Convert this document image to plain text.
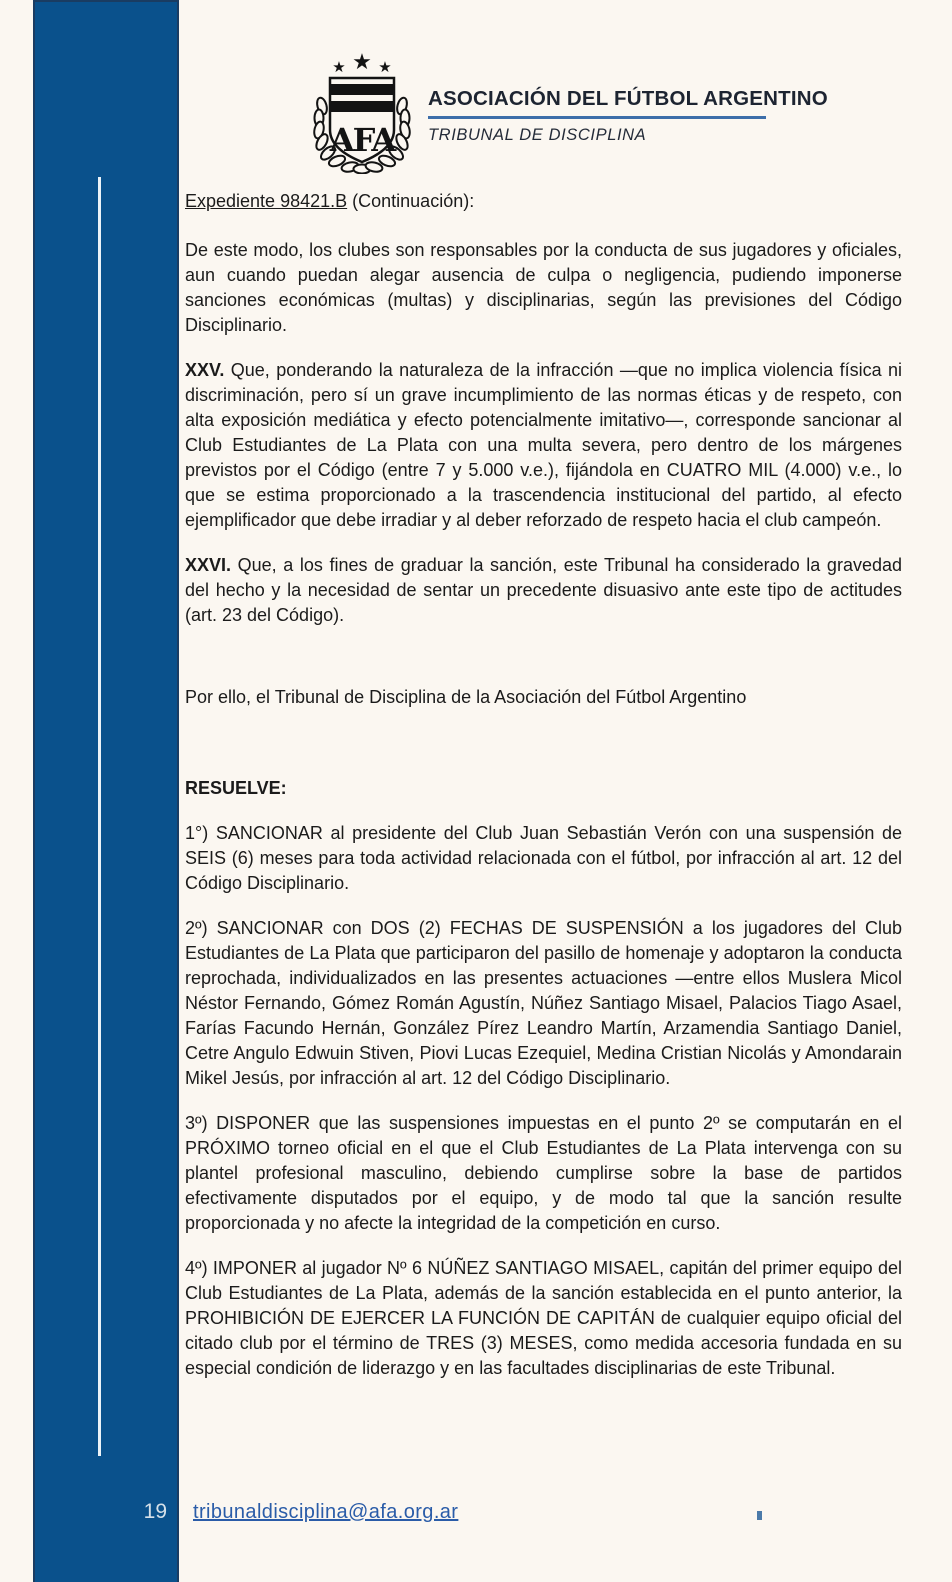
★ ★ ★
AFA
ASOCIACIÓN DEL FÚTBOL ARGENTINO
TRIBUNAL DE DISCIPLINA

Expediente 98421.B (Continuación):

De este modo, los clubes son responsables por la conducta de sus jugadores y oficiales, aun cuando puedan alegar ausencia de culpa o negligencia, pudiendo imponerse sanciones económicas (multas) y disciplinarias, según las previsiones del Código Disciplinario.

XXV. Que, ponderando la naturaleza de la infracción —que no implica violencia física ni discriminación, pero sí un grave incumplimiento de las normas éticas y de respeto, con alta exposición mediática y efecto potencialmente imitativo—, corresponde sancionar al Club Estudiantes de La Plata con una multa severa, pero dentro de los márgenes previstos por el Código (entre 7 y 5.000 v.e.), fijándola en CUATRO MIL (4.000) v.e., lo que se estima proporcionado a la trascendencia institucional del partido, al efecto ejemplificador que debe irradiar y al deber reforzado de respeto hacia el club campeón.

XXVI. Que, a los fines de graduar la sanción, este Tribunal ha considerado la gravedad del hecho y la necesidad de sentar un precedente disuasivo ante este tipo de actitudes (art. 23 del Código).

Por ello, el Tribunal de Disciplina de la Asociación del Fútbol Argentino

RESUELVE:

1°) SANCIONAR al presidente del Club Juan Sebastián Verón con una suspensión de SEIS (6) meses para toda actividad relacionada con el fútbol, por infracción al art. 12 del Código Disciplinario.

2º) SANCIONAR con DOS (2) FECHAS DE SUSPENSIÓN a los jugadores del Club Estudiantes de La Plata que participaron del pasillo de homenaje y adoptaron la conducta reprochada, individualizados en las presentes actuaciones —entre ellos Muslera Micol Néstor Fernando, Gómez Román Agustín, Núñez Santiago Misael, Palacios Tiago Asael, Farías Facundo Hernán, González Pírez Leandro Martín, Arzamendia Santiago Daniel, Cetre Angulo Edwuin Stiven, Piovi Lucas Ezequiel, Medina Cristian Nicolás y Amondarain Mikel Jesús, por infracción al art. 12 del Código Disciplinario.

3º) DISPONER que las suspensiones impuestas en el punto 2º se computarán en el PRÓXIMO torneo oficial en el que el Club Estudiantes de La Plata intervenga con su plantel profesional masculino, debiendo cumplirse sobre la base de partidos efectivamente disputados por el equipo, y de modo tal que la sanción resulte proporcionada y no afecte la integridad de la competición en curso.

4º) IMPONER al jugador Nº 6 NÚÑEZ SANTIAGO MISAEL, capitán del primer equipo del Club Estudiantes de La Plata, además de la sanción establecida en el punto anterior, la PROHIBICIÓN DE EJERCER LA FUNCIÓN DE CAPITÁN de cualquier equipo oficial del citado club por el término de TRES (3) MESES, como medida accesoria fundada en su especial condición de liderazgo y en las facultades disciplinarias de este Tribunal.

19 tribunaldisciplina@afa.org.ar
